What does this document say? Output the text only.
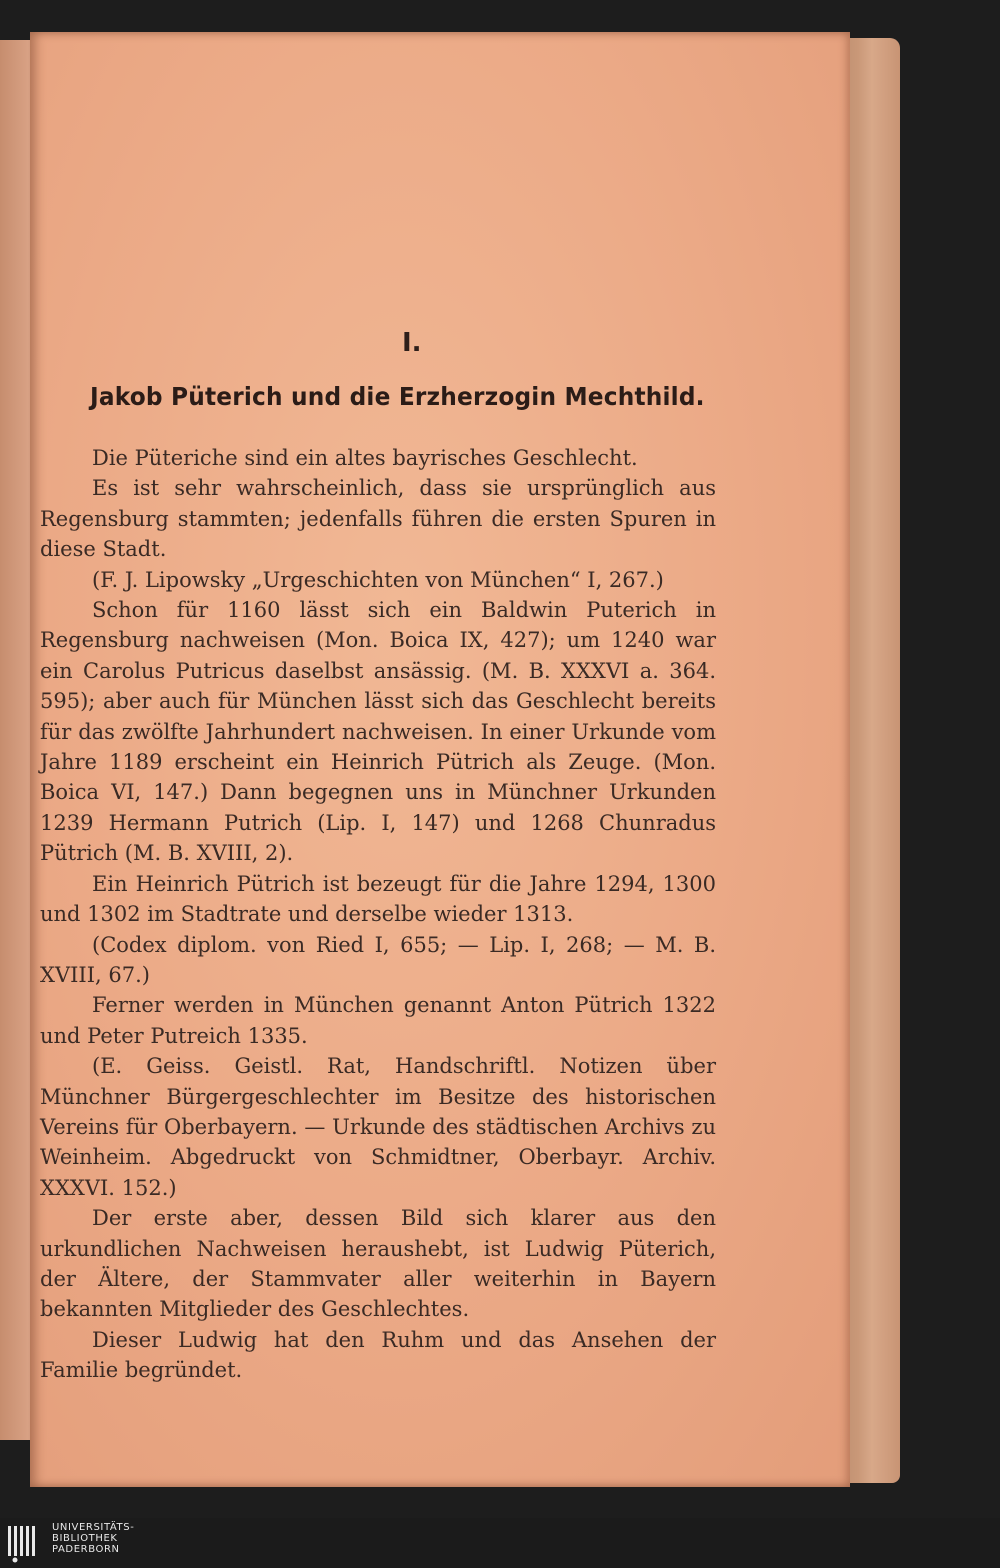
I.
Jakob Püterich und die Erzherzogin Mechthild.

Die Püteriche sind ein altes bayrisches Geschlecht.

Es ist sehr wahrscheinlich, dass sie ursprünglich aus Regensburg stammten; jedenfalls führen die ersten Spuren in diese Stadt.

(F. J. Lipowsky „Urgeschichten von München“ I, 267.)

Schon für 1160 lässt sich ein Baldwin Puterich in Regensburg nachweisen (Mon. Boica IX, 427); um 1240 war ein Carolus Putricus daselbst ansässig. (M. B. XXXVI a. 364. 595); aber auch für München lässt sich das Geschlecht bereits für das zwölfte Jahrhundert nachweisen. In einer Urkunde vom Jahre 1189 erscheint ein Heinrich Pütrich als Zeuge. (Mon. Boica VI, 147.) Dann begegnen uns in Münchner Urkunden 1239 Hermann Putrich (Lip. I, 147) und 1268 Chunradus Pütrich (M. B. XVIII, 2).

Ein Heinrich Pütrich ist bezeugt für die Jahre 1294, 1300 und 1302 im Stadtrate und derselbe wieder 1313.

(Codex diplom. von Ried I, 655; — Lip. I, 268; — M. B. XVIII, 67.)

Ferner werden in München genannt Anton Pütrich 1322 und Peter Putreich 1335.

(E. Geiss. Geistl. Rat, Handschriftl. Notizen über Münchner Bürgergeschlechter im Besitze des historischen Vereins für Oberbayern. — Urkunde des städtischen Archivs zu Weinheim. Abgedruckt von Schmidtner, Oberbayr. Archiv. XXXVI. 152.)

Der erste aber, dessen Bild sich klarer aus den urkundlichen Nachweisen heraushebt, ist Ludwig Püterich, der Ältere, der Stammvater aller weiterhin in Bayern bekannten Mitglieder des Geschlechtes.

Dieser Ludwig hat den Ruhm und das Ansehen der Familie begründet.

UNIVERSITÄTS-
BIBLIOTHEK
PADERBORN
